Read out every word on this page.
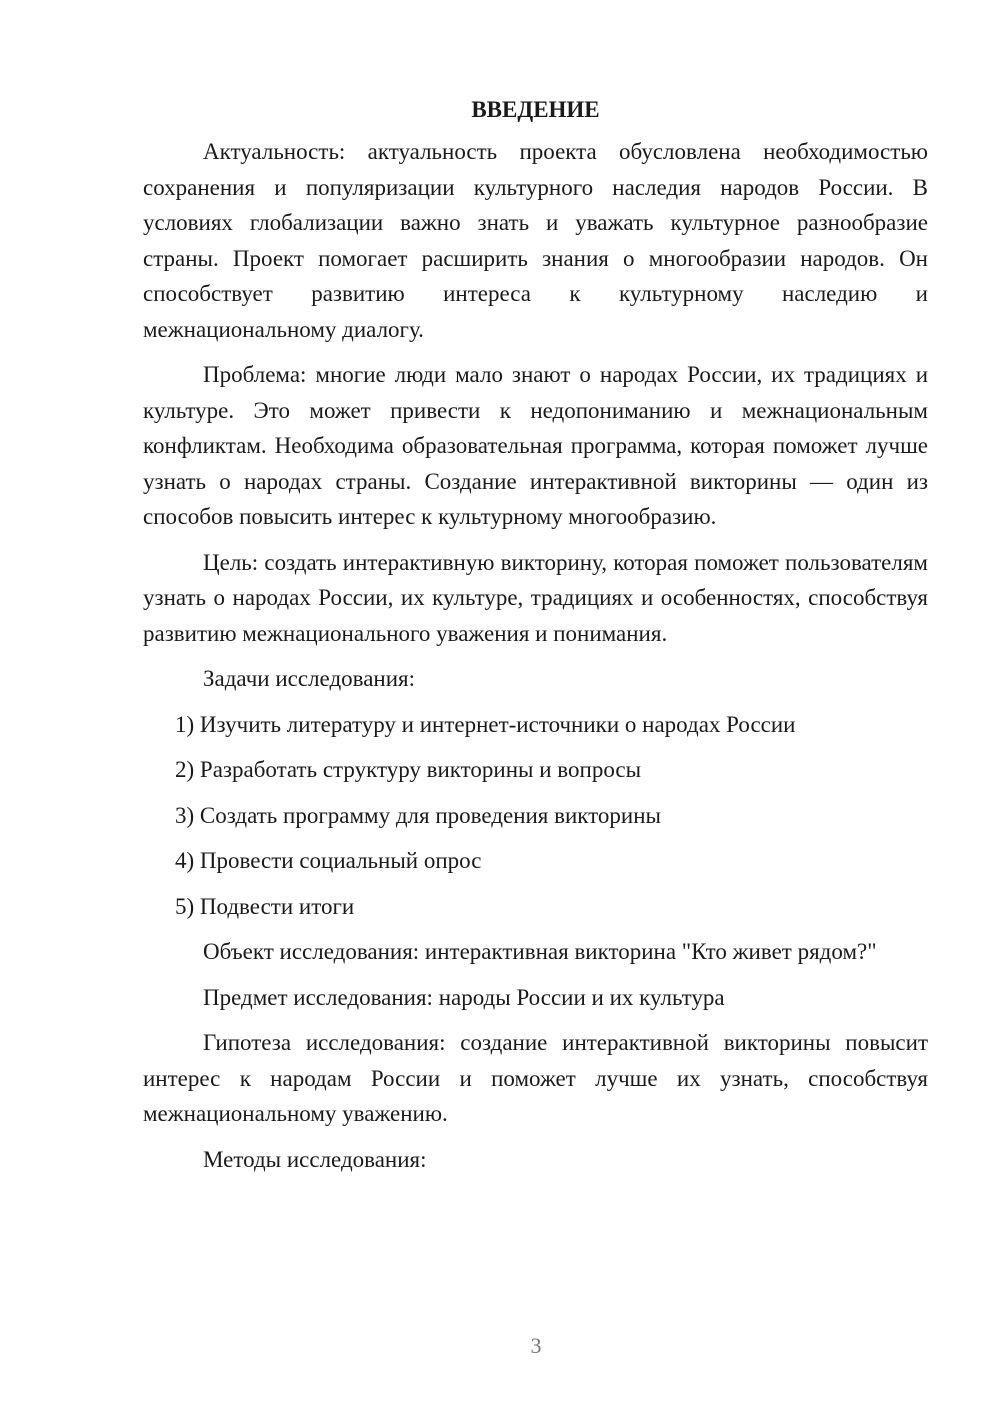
ВВЕДЕНИЕ

Актуальность: актуальность проекта обусловлена необходимостью сохранения и популяризации культурного наследия народов России. В условиях глобализации важно знать и уважать культурное разнообразие страны. Проект помогает расширить знания о многообразии народов. Он способствует развитию интереса к культурному наследию и межнациональному диалогу.

Проблема: многие люди мало знают о народах России, их традициях и культуре. Это может привести к недопониманию и межнациональным конфликтам. Необходима образовательная программа, которая поможет лучше узнать о народах страны. Создание интерактивной викторины — один из способов повысить интерес к культурному многообразию.

Цель: создать интерактивную викторину, которая поможет пользователям узнать о народах России, их культуре, традициях и особенностях, способствуя развитию межнационального уважения и понимания.

Задачи исследования:

1) Изучить литературу и интернет-источники о народах России

2) Разработать структуру викторины и вопросы

3) Создать программу для проведения викторины

4) Провести социальный опрос

5) Подвести итоги

Объект исследования: интерактивная викторина "Кто живет рядом?"

Предмет исследования: народы России и их культура

Гипотеза исследования: создание интерактивной викторины повысит интерес к народам России и поможет лучше их узнать, способствуя межнациональному уважению.

Методы исследования:

3
